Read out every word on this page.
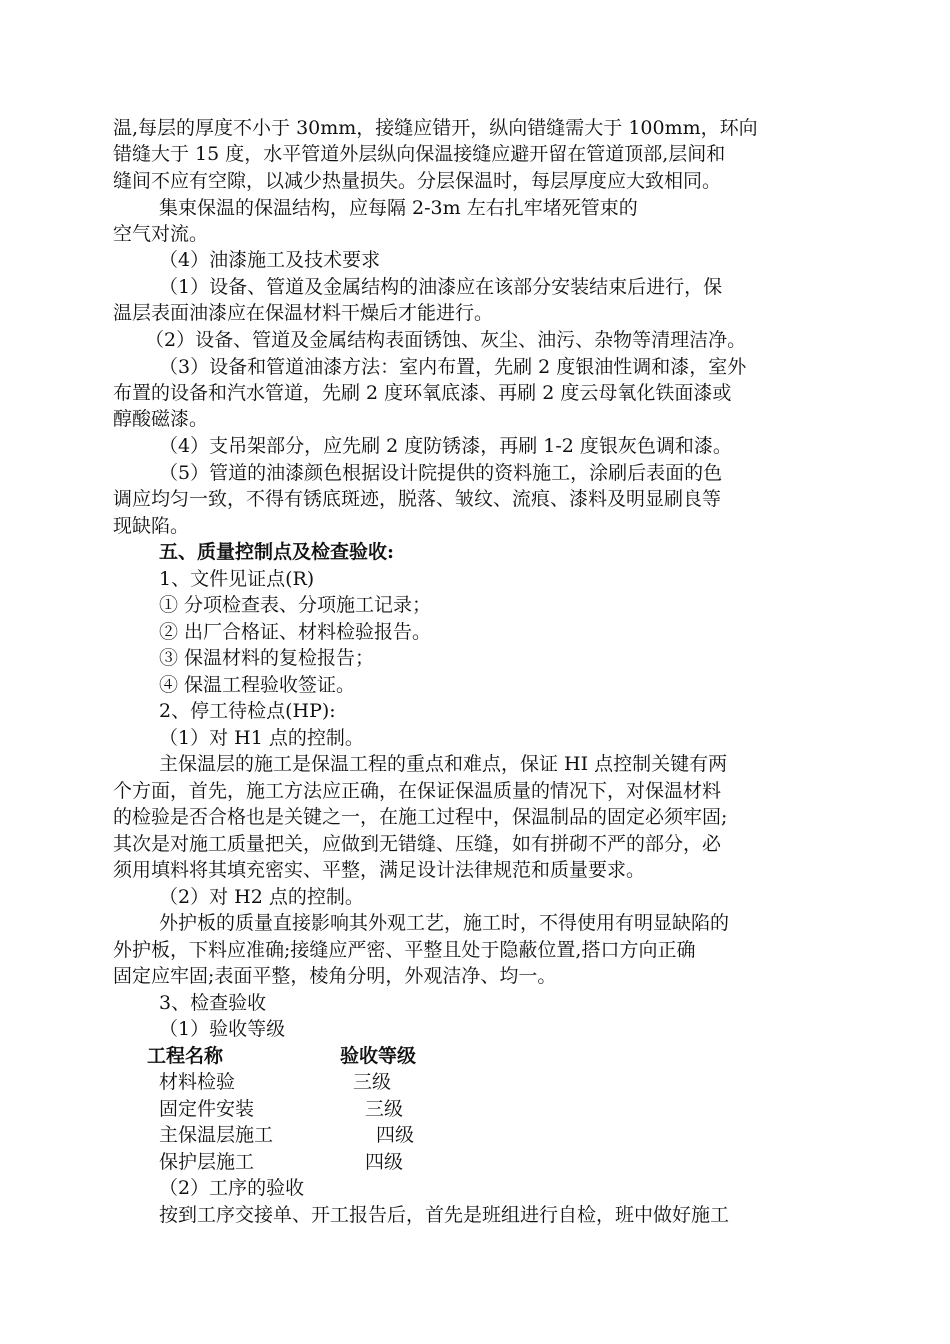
温,每层的厚度不小于 30mm，接缝应错开，纵向错缝需大于 100mm，环向
错缝大于 15 度，水平管道外层纵向保温接缝应避开留在管道顶部,层间和
缝间不应有空隙，以减少热量损失。分层保温时，每层厚度应大致相同。
集束保温的保温结构，应每隔 2-3m 左右扎牢堵死管束的
空气对流。
（4）油漆施工及技术要求
（1）设备、管道及金属结构的油漆应在该部分安装结束后进行，保
温层表面油漆应在保温材料干燥后才能进行。
（2）设备、管道及金属结构表面锈蚀、灰尘、油污、杂物等清理洁净。
（3）设备和管道油漆方法：室内布置，先刷 2 度银油性调和漆，室外
布置的设备和汽水管道，先刷 2 度环氧底漆、再刷 2 度云母氧化铁面漆或
醇酸磁漆。
（4）支吊架部分，应先刷 2 度防锈漆，再刷 1-2 度银灰色调和漆。
（5）管道的油漆颜色根据设计院提供的资料施工，涂刷后表面的色
调应均匀一致，不得有锈底斑迹，脱落、皱纹、流痕、漆料及明显刷良等
现缺陷。
五、质量控制点及检查验收:
1、文件见证点(R)
① 分项检查表、分项施工记录；
② 出厂合格证、材料检验报告。
③ 保温材料的复检报告；
④ 保温工程验收签证。
2、停工待检点(HP):
（1）对 H1 点的控制。
主保温层的施工是保温工程的重点和难点，保证 HI 点控制关键有两
个方面，首先，施工方法应正确，在保证保温质量的情况下，对保温材料
的检验是否合格也是关键之一，在施工过程中，保温制品的固定必须牢固;
其次是对施工质量把关，应做到无错缝、压缝，如有拼砌不严的部分，必
须用填料将其填充密实、平整，满足设计法律规范和质量要求。
（2）对 H2 点的控制。
外护板的质量直接影响其外观工艺，施工时，不得使用有明显缺陷的
外护板，下料应准确;接缝应严密、平整且处于隐蔽位置,搭口方向正确
固定应牢固;表面平整，棱角分明，外观洁净、均一。
3、检查验收
（1）验收等级
工程名称	验收等级
材料检验	三级
固定件安装	三级
主保温层施工	四级
保护层施工	四级
（2）工序的验收
按到工序交接单、开工报告后，首先是班组进行自检，班中做好施工
